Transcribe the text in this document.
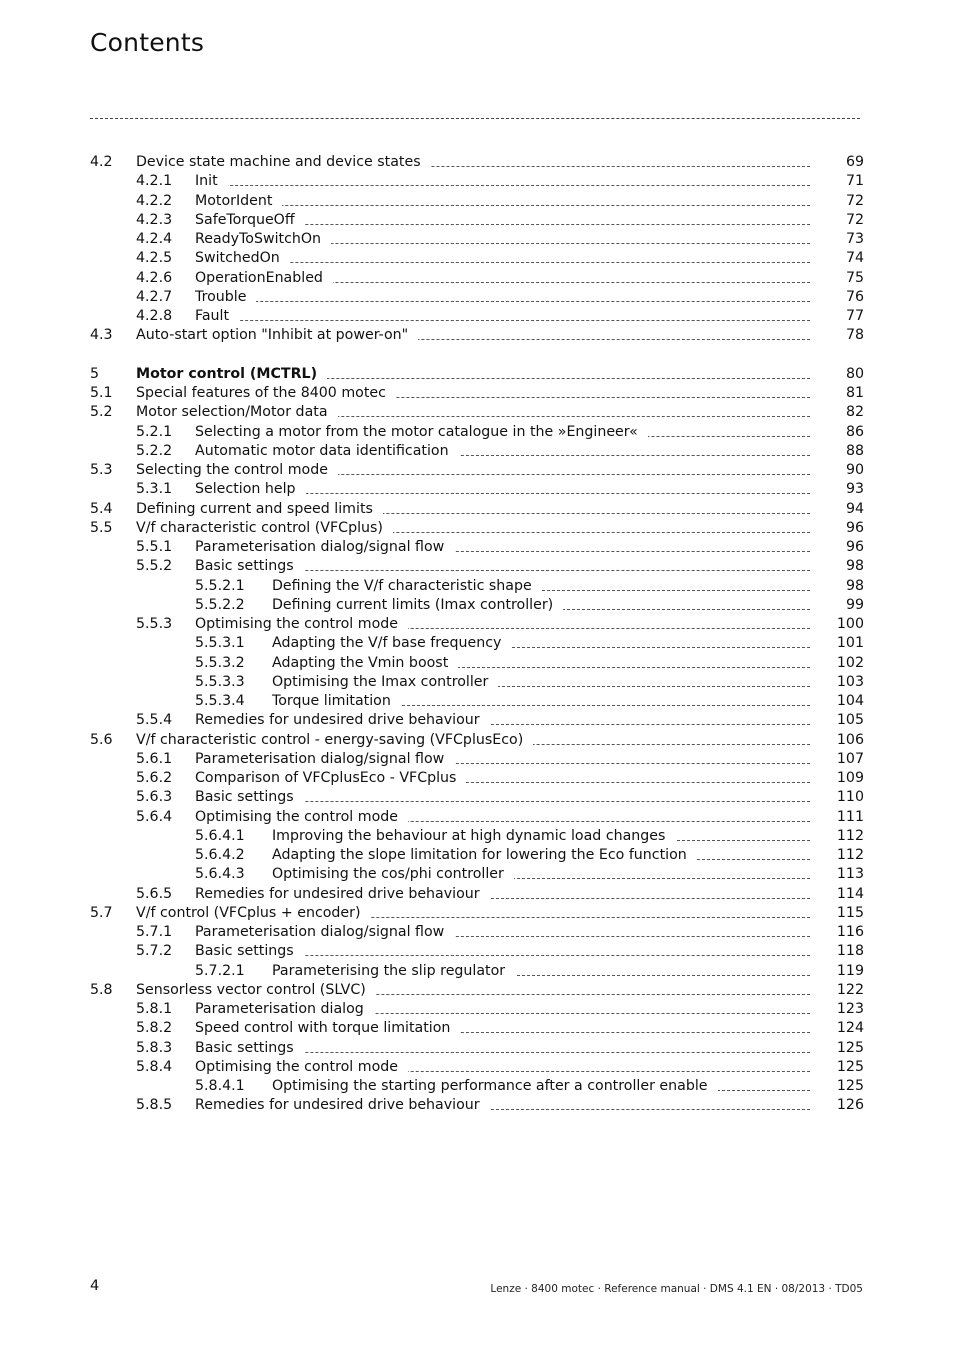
Contents
4.2 Device state machine and device states	69
4.2.1 Init	71
4.2.2 MotorIdent	72
4.2.3 SafeTorqueOff	72
4.2.4 ReadyToSwitchOn	73
4.2.5 SwitchedOn	74
4.2.6 OperationEnabled	75
4.2.7 Trouble	76
4.2.8 Fault	77
4.3 Auto-start option "Inhibit at power-on"	78
5	Motor control (MCTRL)	80
5.1 Special features of the 8400 motec	81
5.2 Motor selection/Motor data	82
5.2.1 Selecting a motor from the motor catalogue in the »Engineer«	86
5.2.2 Automatic motor data identification	88
5.3 Selecting the control mode	90
5.3.1 Selection help	93
5.4 Defining current and speed limits	94
5.5 V/f characteristic control (VFCplus)	96
5.5.1 Parameterisation dialog/signal flow	96
5.5.2 Basic settings	98
5.5.2.1 Defining the V/f characteristic shape	98
5.5.2.2 Defining current limits (Imax controller)	99
5.5.3 Optimising the control mode	100
5.5.3.1 Adapting the V/f base frequency	101
5.5.3.2 Adapting the Vmin boost	102
5.5.3.3 Optimising the Imax controller	103
5.5.3.4 Torque limitation	104
5.5.4 Remedies for undesired drive behaviour	105
5.6 V/f characteristic control - energy-saving (VFCplusEco)	106
5.6.1 Parameterisation dialog/signal flow	107
5.6.2 Comparison of VFCplusEco - VFCplus	109
5.6.3 Basic settings	110
5.6.4 Optimising the control mode	111
5.6.4.1 Improving the behaviour at high dynamic load changes	112
5.6.4.2 Adapting the slope limitation for lowering the Eco function	112
5.6.4.3 Optimising the cos/phi controller	113
5.6.5 Remedies for undesired drive behaviour	114
5.7 V/f control (VFCplus + encoder)	115
5.7.1 Parameterisation dialog/signal flow	116
5.7.2 Basic settings	118
5.7.2.1 Parameterising the slip regulator	119
5.8 Sensorless vector control (SLVC)	122
5.8.1 Parameterisation dialog	123
5.8.2 Speed control with torque limitation	124
5.8.3 Basic settings	125
5.8.4 Optimising the control mode	125
5.8.4.1 Optimising the starting performance after a controller enable	125
5.8.5 Remedies for undesired drive behaviour	126
4	Lenze · 8400 motec · Reference manual · DMS 4.1 EN · 08/2013 · TD05
